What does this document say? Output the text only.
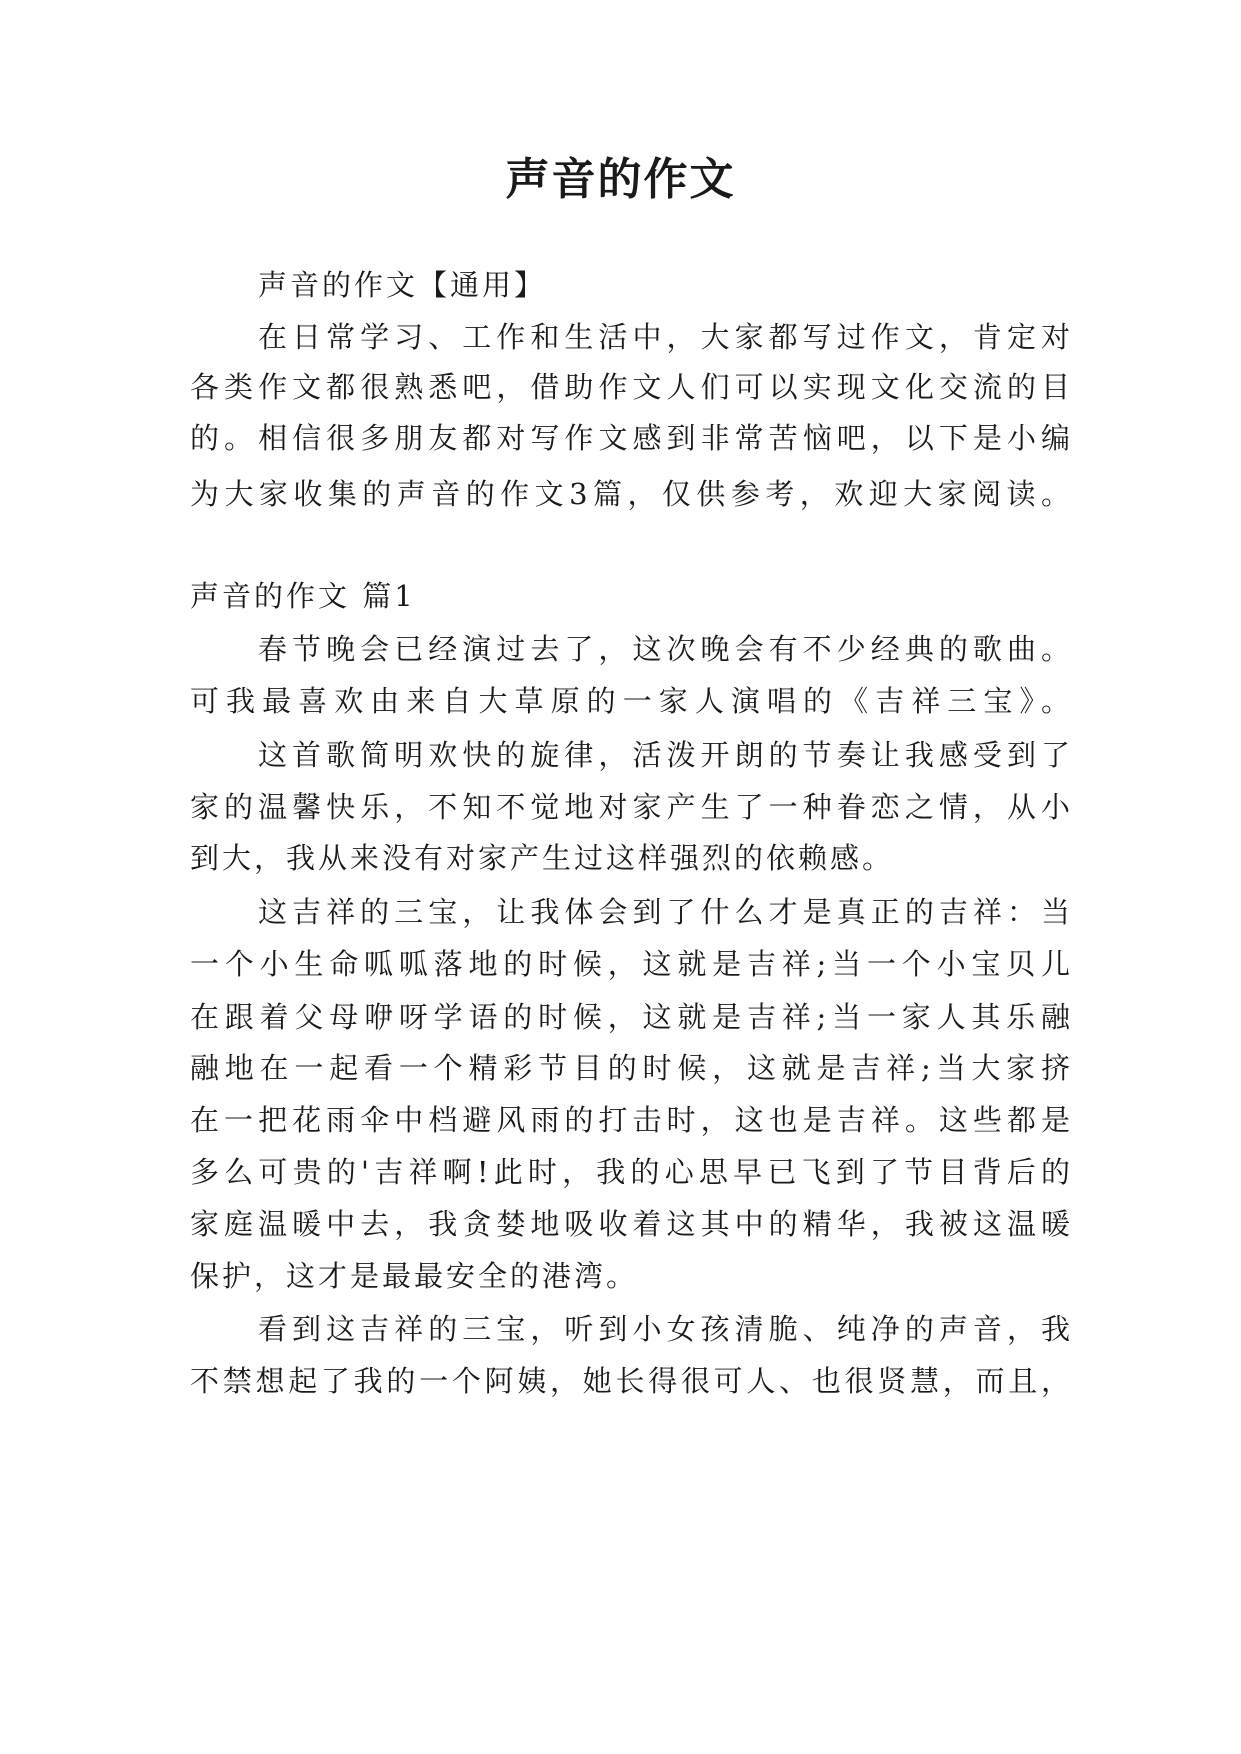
声音的作文

声音的作文【通用】

在日常学习、工作和生活中，大家都写过作文，肯定对

各类作文都很熟悉吧，借助作文人们可以实现文化交流的目

的。相信很多朋友都对写作文感到非常苦恼吧，以下是小编

为大家收集的声音的作文3篇，仅供参考，欢迎大家阅读。

声音的作文 篇1

春节晚会已经演过去了，这次晚会有不少经典的歌曲。

可我最喜欢由来自大草原的一家人演唱的《吉祥三宝》。

这首歌简明欢快的旋律，活泼开朗的节奏让我感受到了

家的温馨快乐，不知不觉地对家产生了一种眷恋之情，从小

到大，我从来没有对家产生过这样强烈的依赖感。

这吉祥的三宝，让我体会到了什么才是真正的吉祥：当

一个小生命呱呱落地的时候，这就是吉祥;当一个小宝贝儿

在跟着父母咿呀学语的时候，这就是吉祥;当一家人其乐融

融地在一起看一个精彩节目的时候，这就是吉祥;当大家挤

在一把花雨伞中档避风雨的打击时，这也是吉祥。这些都是

多么可贵的'吉祥啊!此时，我的心思早已飞到了节目背后的

家庭温暖中去，我贪婪地吸收着这其中的精华，我被这温暖

保护，这才是最最安全的港湾。

看到这吉祥的三宝，听到小女孩清脆、纯净的声音，我

不禁想起了我的一个阿姨，她长得很可人、也很贤慧，而且，
